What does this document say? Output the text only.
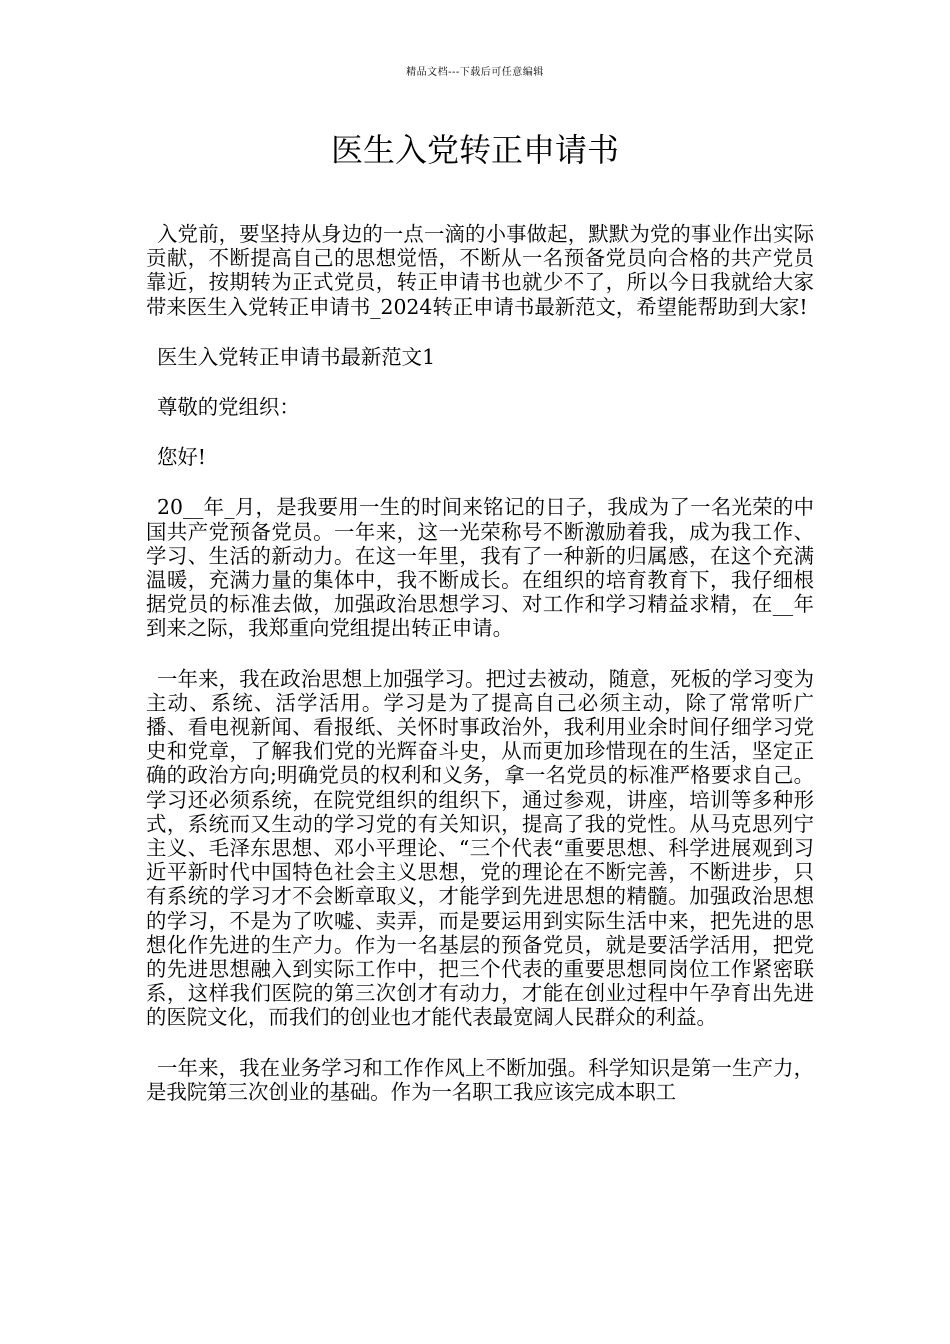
精品文档---下载后可任意编辑
医生入党转正申请书

入党前，要坚持从身边的一点一滴的小事做起，默默为党的事业作出实际贡献，不断提高自己的思想觉悟，不断从一名预备党员向合格的共产党员靠近，按期转为正式党员，转正申请书也就少不了，所以今日我就给大家带来医生入党转正申请书_2024转正申请书最新范文，希望能帮助到大家!

医生入党转正申请书最新范文1

尊敬的党组织：

您好!

20__年_月，是我要用一生的时间来铭记的日子，我成为了一名光荣的中国共产党预备党员。一年来，这一光荣称号不断激励着我，成为我工作、学习、生活的新动力。在这一年里，我有了一种新的归属感，在这个充满温暖，充满力量的集体中，我不断成长。在组织的培育教育下，我仔细根据党员的标准去做，加强政治思想学习、对工作和学习精益求精，在__年到来之际，我郑重向党组提出转正申请。

一年来，我在政治思想上加强学习。把过去被动，随意，死板的学习变为主动、系统、活学活用。学习是为了提高自己必须主动，除了常常听广播、看电视新闻、看报纸、关怀时事政治外，我利用业余时间仔细学习党史和党章，了解我们党的光辉奋斗史，从而更加珍惜现在的生活，坚定正确的政治方向;明确党员的权利和义务，拿一名党员的标准严格要求自己。学习还必须系统，在院党组织的组织下，通过参观，讲座，培训等多种形式，系统而又生动的学习党的有关知识，提高了我的党性。从马克思列宁主义、毛泽东思想、邓小平理论、“三个代表“重要思想、科学进展观到习近平新时代中国特色社会主义思想，党的理论在不断完善，不断进步，只有系统的学习才不会断章取义，才能学到先进思想的精髓。加强政治思想的学习，不是为了吹嘘、卖弄，而是要运用到实际生活中来，把先进的思想化作先进的生产力。作为一名基层的预备党员，就是要活学活用，把党的先进思想融入到实际工作中，把三个代表的重要思想同岗位工作紧密联系，这样我们医院的第三次创才有动力，才能在创业过程中午孕育出先进的医院文化，而我们的创业也才能代表最宽阔人民群众的利益。

一年来，我在业务学习和工作作风上不断加强。科学知识是第一生产力，是我院第三次创业的基础。作为一名职工我应该完成本职工
